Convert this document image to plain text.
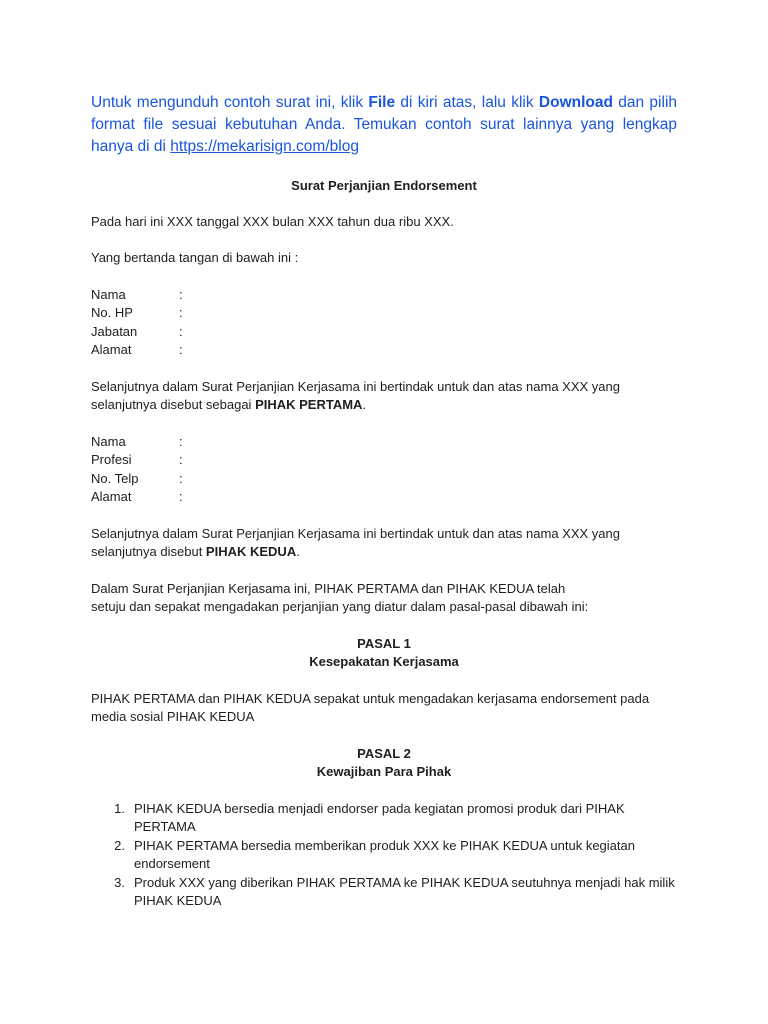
Untuk mengunduh contoh surat ini, klik File di kiri atas, lalu klik Download dan pilih format file sesuai kebutuhan Anda. Temukan contoh surat lainnya yang lengkap hanya di di https://mekarisign.com/blog

Surat Perjanjian Endorsement

Pada hari ini XXX tanggal XXX bulan XXX tahun dua ribu XXX.

Yang bertanda tangan di bawah ini :

Nama	:
No. HP	:
Jabatan	:
Alamat	:

Selanjutnya dalam Surat Perjanjian Kerjasama ini bertindak untuk dan atas nama XXX yang selanjutnya disebut sebagai PIHAK PERTAMA.

Nama	:
Profesi	:
No. Telp	:
Alamat	:

Selanjutnya dalam Surat Perjanjian Kerjasama ini bertindak untuk dan atas nama XXX yang selanjutnya disebut PIHAK KEDUA.

Dalam Surat Perjanjian Kerjasama ini, PIHAK PERTAMA dan PIHAK KEDUA telah
setuju dan sepakat mengadakan perjanjian yang diatur dalam pasal-pasal dibawah ini:

PASAL 1

Kesepakatan Kerjasama

PIHAK PERTAMA dan PIHAK KEDUA sepakat untuk mengadakan kerjasama endorsement pada media sosial PIHAK KEDUA

PASAL 2

Kewajiban Para Pihak

1. PIHAK KEDUA bersedia menjadi endorser pada kegiatan promosi produk dari PIHAK PERTAMA
2. PIHAK PERTAMA bersedia memberikan produk XXX ke PIHAK KEDUA untuk kegiatan endorsement
3. Produk XXX yang diberikan PIHAK PERTAMA ke PIHAK KEDUA seutuhnya menjadi hak milik PIHAK KEDUA
